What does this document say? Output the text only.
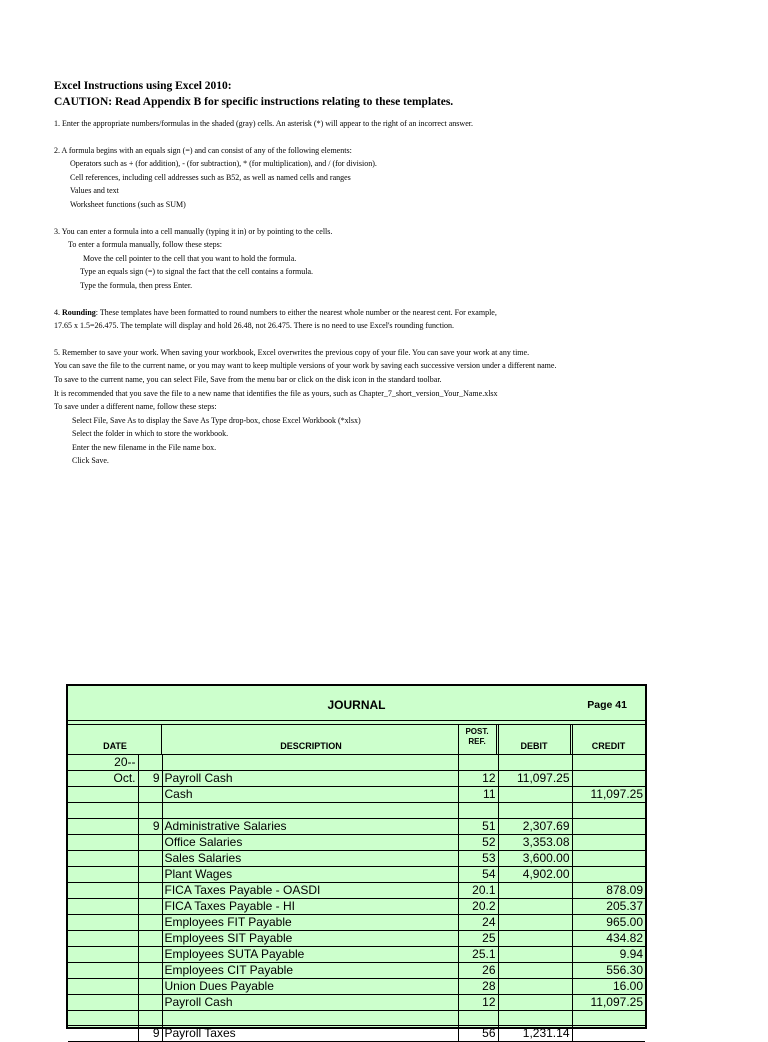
Excel Instructions using Excel 2010:

CAUTION: Read Appendix B for specific instructions relating to these templates.

1. Enter the appropriate numbers/formulas in the shaded (gray) cells. An asterisk (*) will appear to the right of an incorrect answer.

2. A formula begins with an equals sign (=) and can consist of any of the following elements:

Operators such as + (for addition), - (for subtraction), * (for multiplication), and / (for division).

Cell references, including cell addresses such as B52, as well as named cells and ranges

Values and text

Worksheet functions (such as SUM)

3. You can enter a formula into a cell manually (typing it in) or by pointing to the cells.

To enter a formula manually, follow these steps:

Move the cell pointer to the cell that you want to hold the formula.

Type an equals sign (=) to signal the fact that the cell contains a formula.

Type the formula, then press Enter.

4. Rounding: These templates have been formatted to round numbers to either the nearest whole number or the nearest cent. For example,

17.65 x 1.5=26.475. The template will display and hold 26.48, not 26.475. There is no need to use Excel's rounding function.

5. Remember to save your work. When saving your workbook, Excel overwrites the previous copy of your file. You can save your work at any time.

You can save the file to the current name, or you may want to keep multiple versions of your work by saving each successive version under a different name.

To save to the current name, you can select File, Save from the menu bar or click on the disk icon in the standard toolbar.

It is recommended that you save the file to a new name that identifies the file as yours, such as Chapter_7_short_version_Your_Name.xlsx

To save under a different name, follow these steps:

Select File, Save As to display the Save As Type drop-box, chose Excel Workbook (*xlsx)

Select the folder in which to store the workbook.

Enter the new filename in the File name box.

Click Save.

JOURNAL	Page 41
DATE	DESCRIPTION
POST.
REF.	DEBIT	CREDIT
20--					
Oct.	9	Payroll Cash	12	11,097.25	
		Cash	11		11,097.25

	9	Administrative Salaries	51	2,307.69	
		Office Salaries	52	3,353.08	
		Sales Salaries	53	3,600.00	
		Plant Wages	54	4,902.00	
		FICA Taxes Payable - OASDI	20.1		878.09
		FICA Taxes Payable - HI	20.2		205.37
		Employees FIT Payable	24		965.00
		Employees SIT Payable	25		434.82
		Employees SUTA Payable	25.1		9.94
		Employees CIT Payable	26		556.30
		Union Dues Payable	28		16.00
		Payroll Cash	12		11,097.25

	9	Payroll Taxes	56	1,231.14	
